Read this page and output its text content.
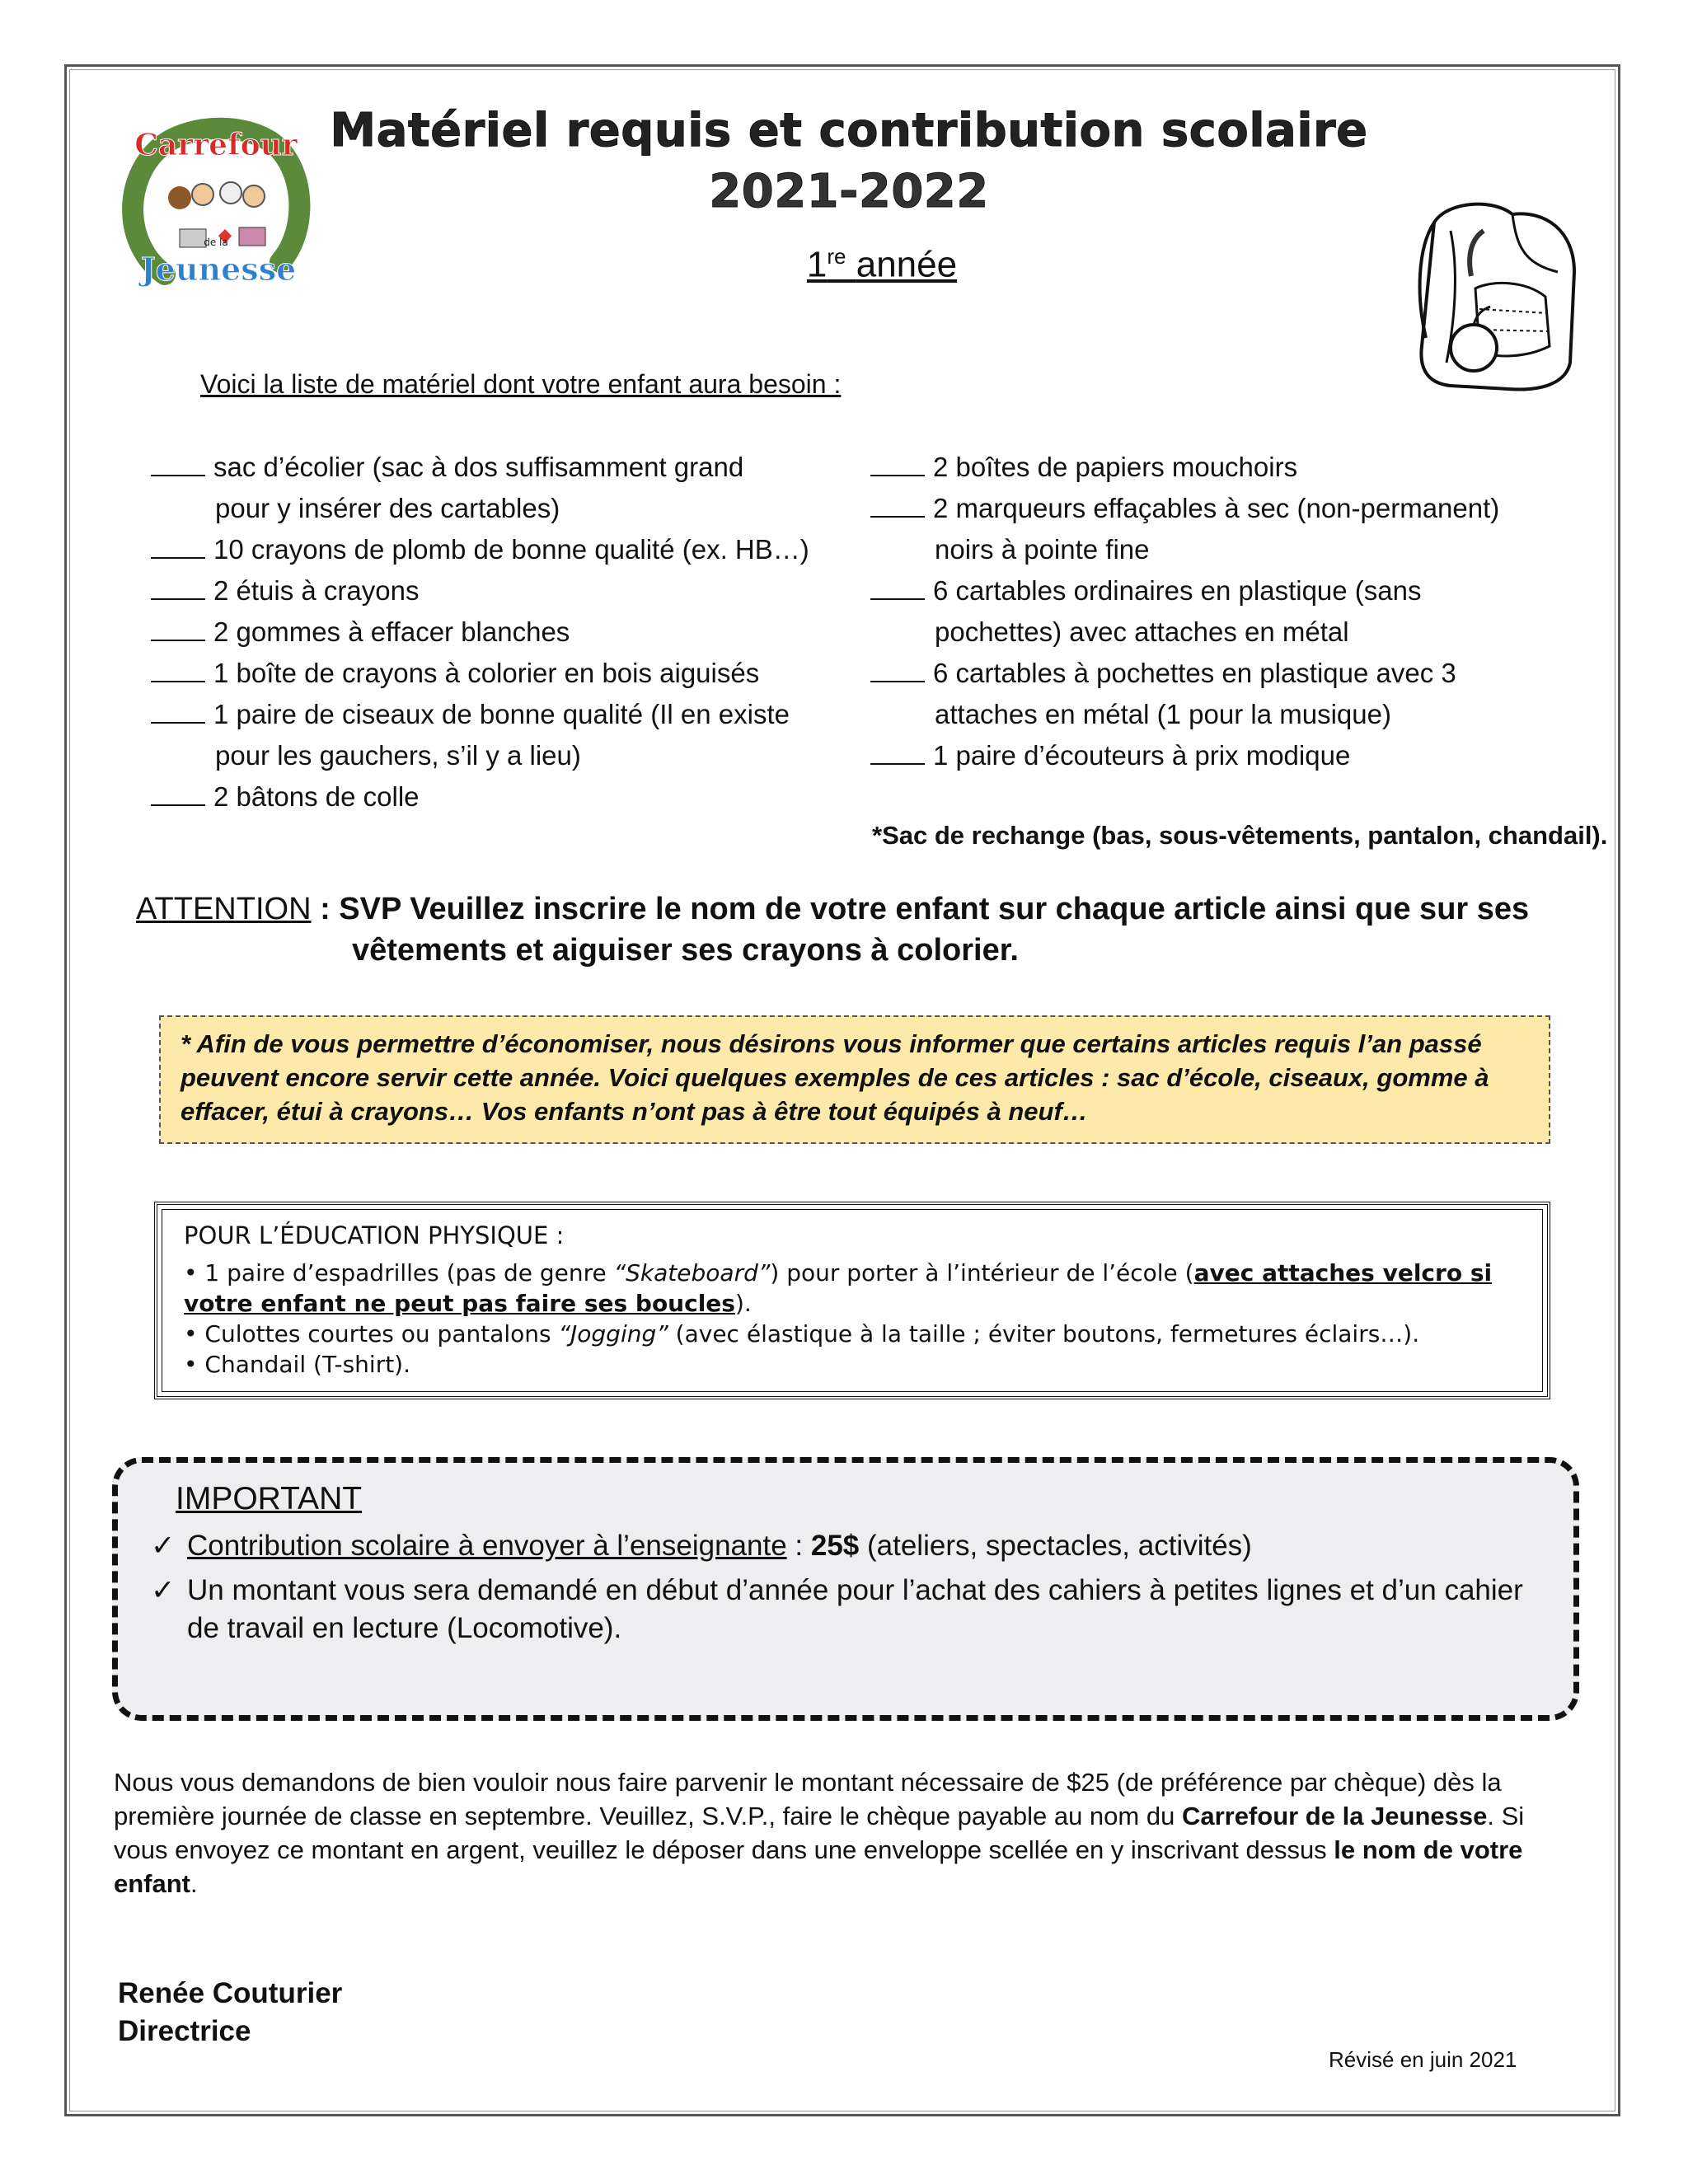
Carrefour
de la
Jeunesse
Matériel requis et contribution scolaire
2021-2022
1re année
Voici la liste de matériel dont votre enfant aura besoin :
sac d’écolier (sac à dos suffisamment grand
pour y insérer des cartables)
10 crayons de plomb de bonne qualité (ex. HB…)
2 étuis à crayons
2 gommes à effacer blanches
1 boîte de crayons à colorier en bois aiguisés
1 paire de ciseaux de bonne qualité (Il en existe
pour les gauchers, s’il y a lieu)
2 bâtons de colle
2 boîtes de papiers mouchoirs
2 marqueurs effaçables à sec (non-permanent)
noirs à pointe fine
6 cartables ordinaires en plastique (sans
pochettes) avec attaches en métal
6 cartables à pochettes en plastique avec 3
attaches en métal (1 pour la musique)
1 paire d’écouteurs à prix modique
*Sac de rechange (bas, sous-vêtements, pantalon, chandail).
ATTENTION : SVP Veuillez inscrire le nom de votre enfant sur chaque article ainsi que sur ses
vêtements et aiguiser ses crayons à colorier.
* Afin de vous permettre d’économiser, nous désirons vous informer que certains articles requis l’an passé peuvent encore servir cette année. Voici quelques exemples de ces articles : sac d’école, ciseaux, gomme à effacer, étui à crayons… Vos enfants n’ont pas à être tout équipés à neuf…
POUR L’ÉDUCATION PHYSIQUE :
• 1 paire d’espadrilles (pas de genre “Skateboard”) pour porter à l’intérieur de l’école (avec attaches velcro si votre enfant ne peut pas faire ses boucles).
• Culottes courtes ou pantalons “Jogging” (avec élastique à la taille ; éviter boutons, fermetures éclairs…).
• Chandail (T-shirt).
IMPORTANT
✓ Contribution scolaire à envoyer à l’enseignante : 25$ (ateliers, spectacles, activités)
✓ Un montant vous sera demandé en début d’année pour l’achat des cahiers à petites lignes et d’un cahier de travail en lecture (Locomotive).
Nous vous demandons de bien vouloir nous faire parvenir le montant nécessaire de $25 (de préférence par chèque) dès la première journée de classe en septembre. Veuillez, S.V.P., faire le chèque payable au nom du Carrefour de la Jeunesse. Si vous envoyez ce montant en argent, veuillez le déposer dans une enveloppe scellée en y inscrivant dessus le nom de votre enfant.
Renée Couturier
Directrice
Révisé en juin 2021
